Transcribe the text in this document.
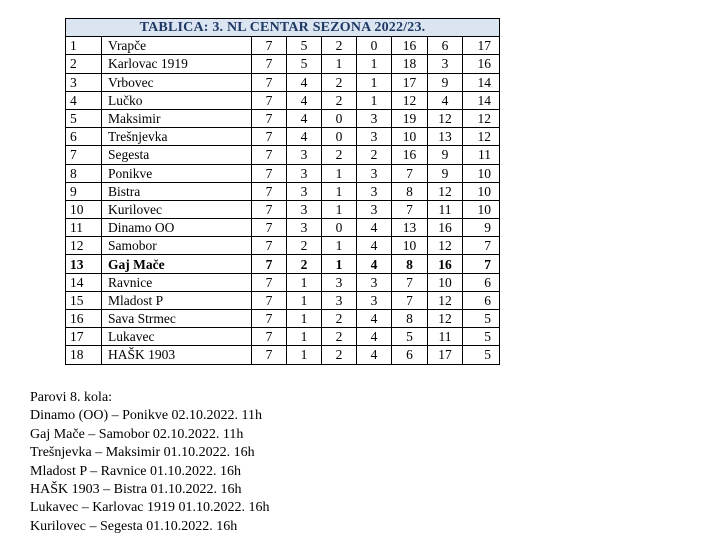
TABLICA: 3. NL CENTAR SEZONA 2022/23.								
1	Vrapče	7	5	2	0	16	6	17
2	Karlovac 1919	7	5	1	1	18	3	16
3	Vrbovec	7	4	2	1	17	9	14
4	Lučko	7	4	2	1	12	4	14
5	Maksimir	7	4	0	3	19	12	12
6	Trešnjevka	7	4	0	3	10	13	12
7	Segesta	7	3	2	2	16	9	11
8	Ponikve	7	3	1	3	7	9	10
9	Bistra	7	3	1	3	8	12	10
10	Kurilovec	7	3	1	3	7	11	10
11	Dinamo OO	7	3	0	4	13	16	9
12	Samobor	7	2	1	4	10	12	7
13	Gaj Mače	7	2	1	4	8	16	7
14	Ravnice	7	1	3	3	7	10	6
15	Mladost P	7	1	3	3	7	12	6
16	Sava Strmec	7	1	2	4	8	12	5
17	Lukavec	7	1	2	4	5	11	5
18	HAŠK 1903	7	1	2	4	6	17	5
Parovi 8. kola:
Dinamo (OO) – Ponikve 02.10.2022. 11h
Gaj Mače – Samobor 02.10.2022. 11h
Trešnjevka – Maksimir 01.10.2022. 16h
Mladost P – Ravnice 01.10.2022. 16h
HAŠK 1903 – Bistra 01.10.2022. 16h
Lukavec – Karlovac 1919 01.10.2022. 16h
Kurilovec – Segesta 01.10.2022. 16h
